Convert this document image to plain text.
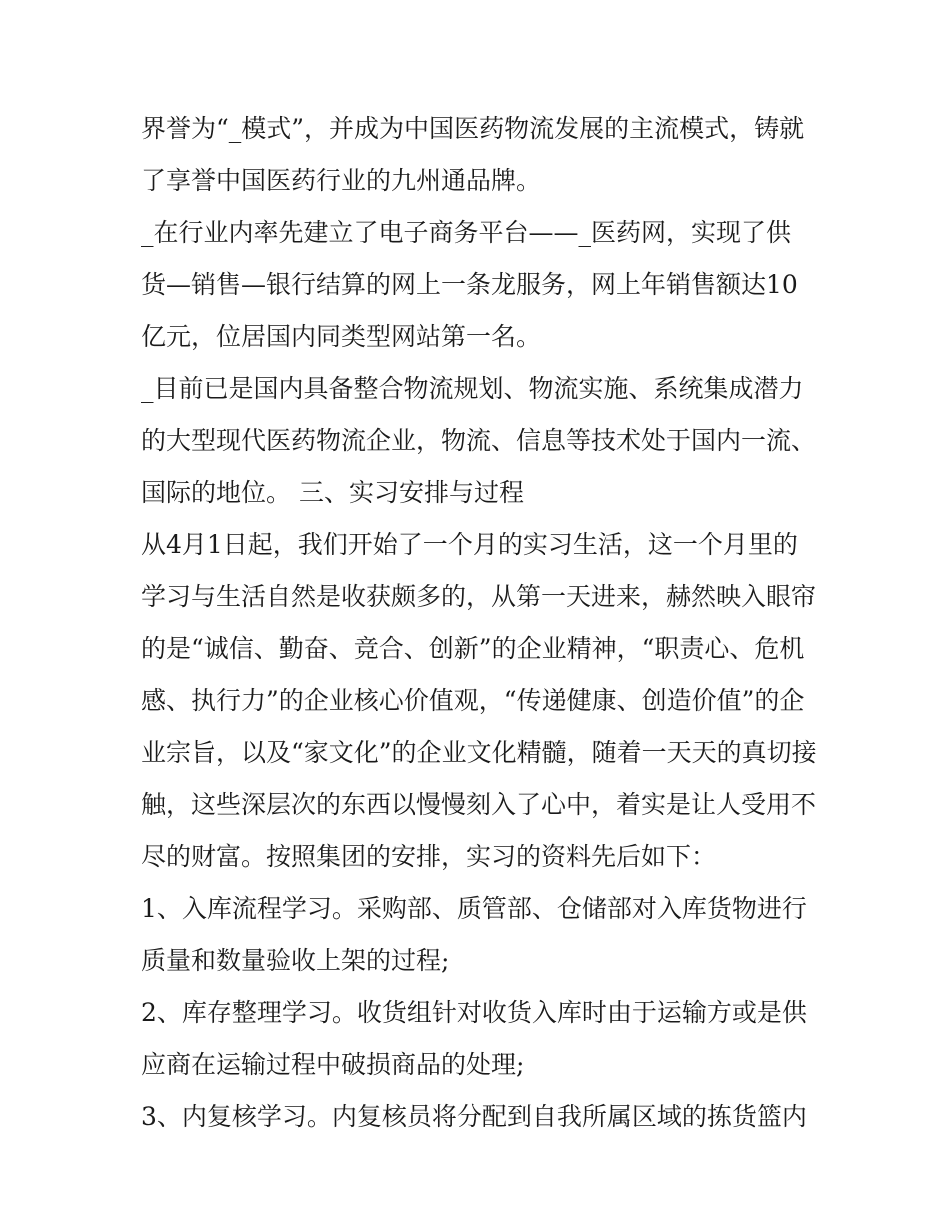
界誉为“_模式”，并成为中国医药物流发展的主流模式，铸就
了享誉中国医药行业的九州通品牌。
_在行业内率先建立了电子商务平台——_医药网，实现了供
货—销售—银行结算的网上一条龙服务，网上年销售额达10
亿元，位居国内同类型网站第一名。
_目前已是国内具备整合物流规划、物流实施、系统集成潜力
的大型现代医药物流企业，物流、信息等技术处于国内一流、
国际的地位。 三、实习安排与过程
从4月1日起，我们开始了一个月的实习生活，这一个月里的
学习与生活自然是收获颇多的，从第一天进来，赫然映入眼帘
的是“诚信、勤奋、竞合、创新”的企业精神，“职责心、危机
感、执行力”的企业核心价值观，“传递健康、创造价值”的企
业宗旨，以及“家文化”的企业文化精髓，随着一天天的真切接
触，这些深层次的东西以慢慢刻入了心中，着实是让人受用不
尽的财富。按照集团的安排，实习的资料先后如下：
1、入库流程学习。采购部、质管部、仓储部对入库货物进行
质量和数量验收上架的过程;
2、库存整理学习。收货组针对收货入库时由于运输方或是供
应商在运输过程中破损商品的处理;
3、内复核学习。内复核员将分配到自我所属区域的拣货篮内
